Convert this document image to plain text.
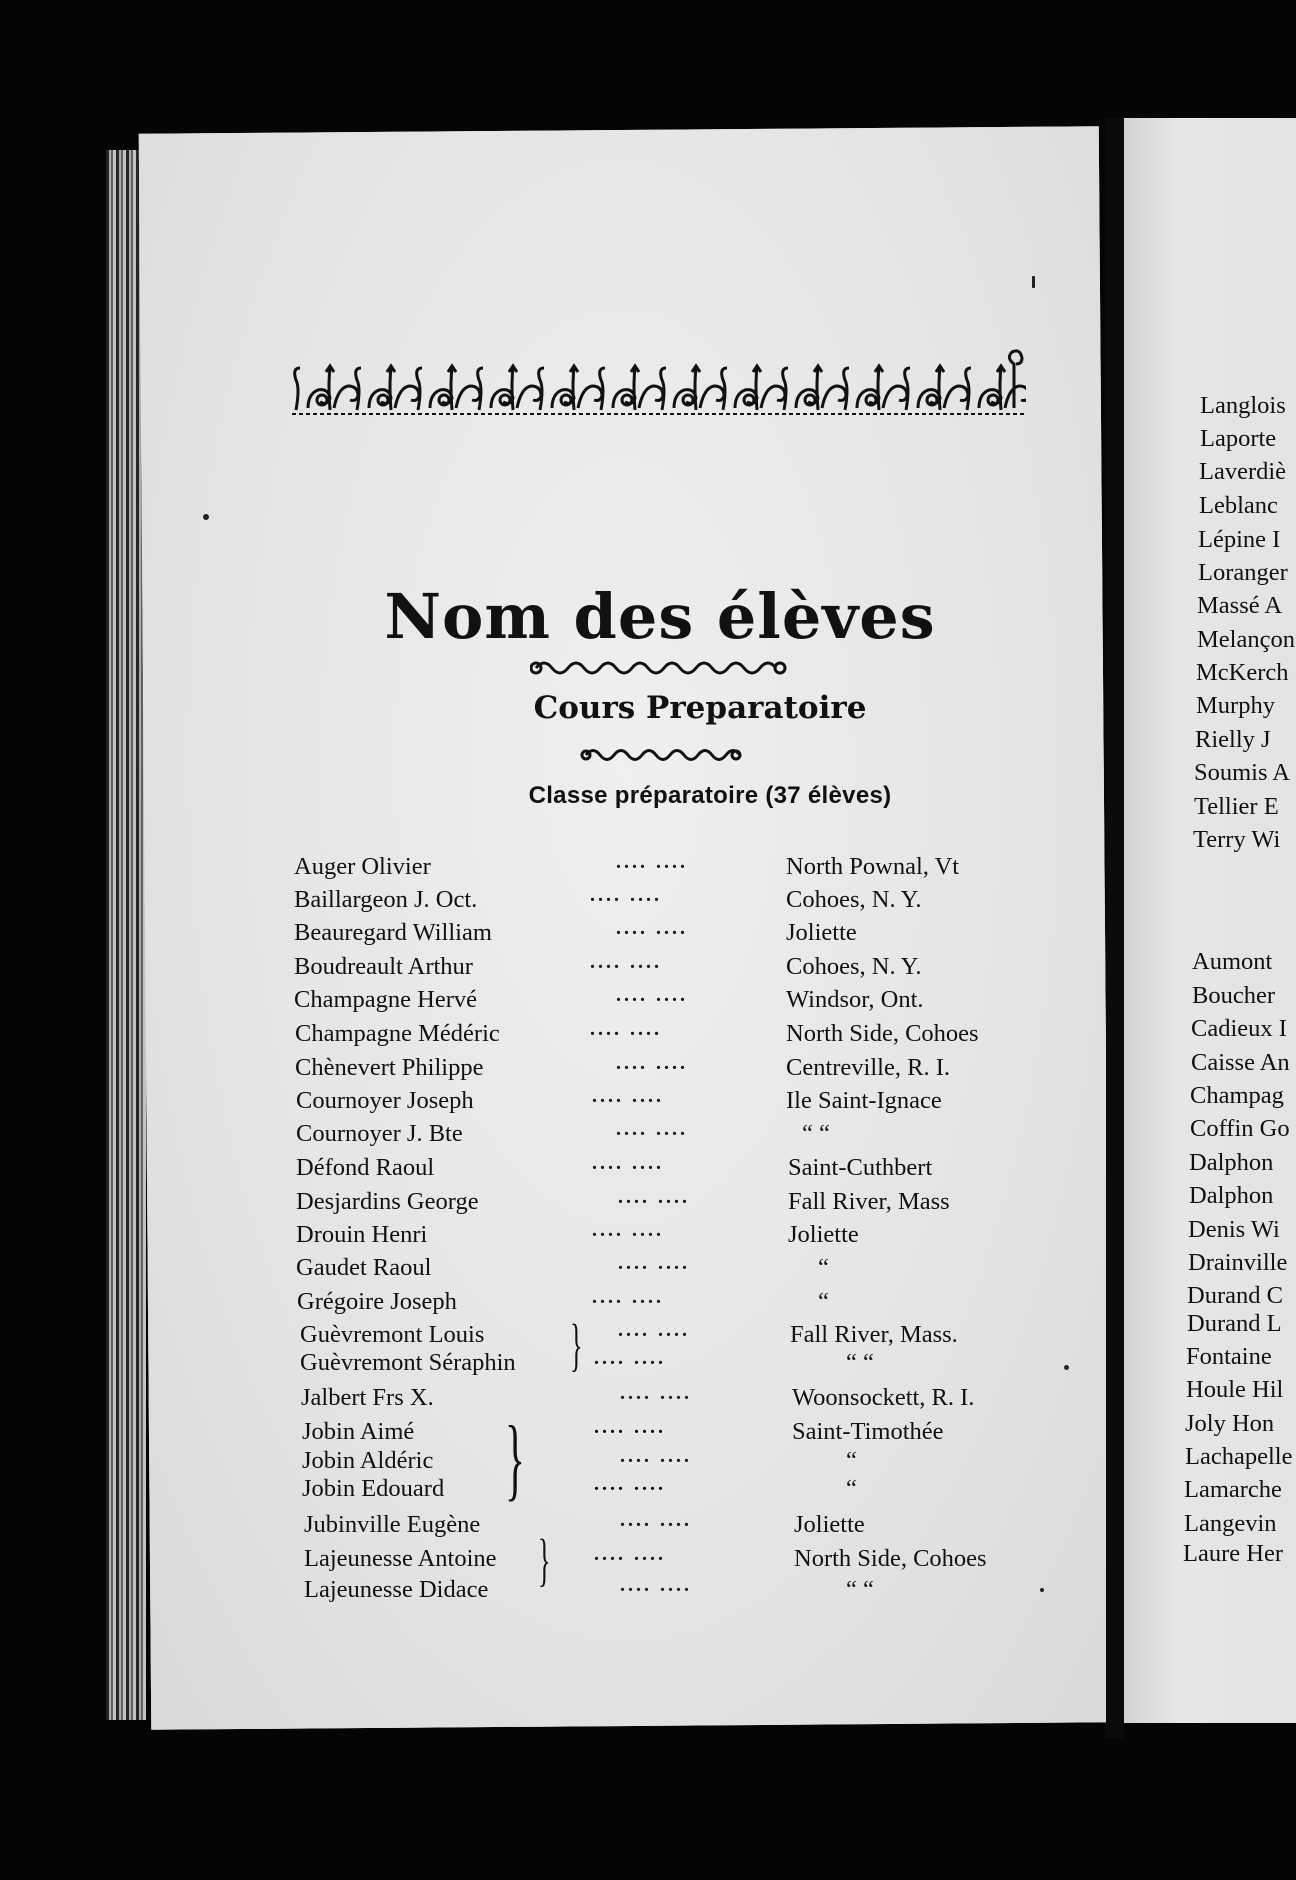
Langlois
Laporte
Laverdiè
Leblanc
Lépine I
Loranger
Massé A
Melançon
McKerch
Murphy
Rielly J
Soumis A
Tellier E
Terry Wi
Aumont
Boucher
Cadieux I
Caisse An
Champag
Coffin Go
Dalphon
Dalphon
Denis Wi
Drainville
Durand C
Durand L
Fontaine
Houle Hil
Joly Hon
Lachapelle
Lamarche
Langevin
Laure Her
Nom des élèves
Cours Preparatoire
Classe préparatoire (37 élèves)
Auger Olivier	.... ....	North Pownal, Vt
Baillargeon J. Oct.	.... ....	Cohoes, N. Y.
Beauregard William	.... ....	Joliette
Boudreault Arthur	.... ....	Cohoes, N. Y.
Champagne Hervé	.... ....	Windsor, Ont.
Champagne Médéric	.... ....	North Side, Cohoes
Chènevert Philippe	.... ....	Centreville, R. I.
Cournoyer Joseph	.... ....	Ile Saint-Ignace
Cournoyer J. Bte	.... ....	“ “
Défond Raoul	.... ....	Saint-Cuthbert
Desjardins George	.... ....	Fall River, Mass
Drouin Henri	.... ....	Joliette
Gaudet Raoul	.... ....	“
Grégoire Joseph	.... ....	“
Guèvremont Louis	.... ....	Fall River, Mass.
Guèvremont Séraphin	.... ....	“ “
Jalbert Frs X.	.... ....	Woonsockett, R. I.
Jobin Aimé	.... ....	Saint-Timothée
Jobin Aldéric	.... ....	“
Jobin Edouard	.... ....	“
Jubinville Eugène	.... ....	Joliette
Lajeunesse Antoine	.... ....	North Side, Cohoes
Lajeunesse Didace	.... ....	“ “
}
}
}
